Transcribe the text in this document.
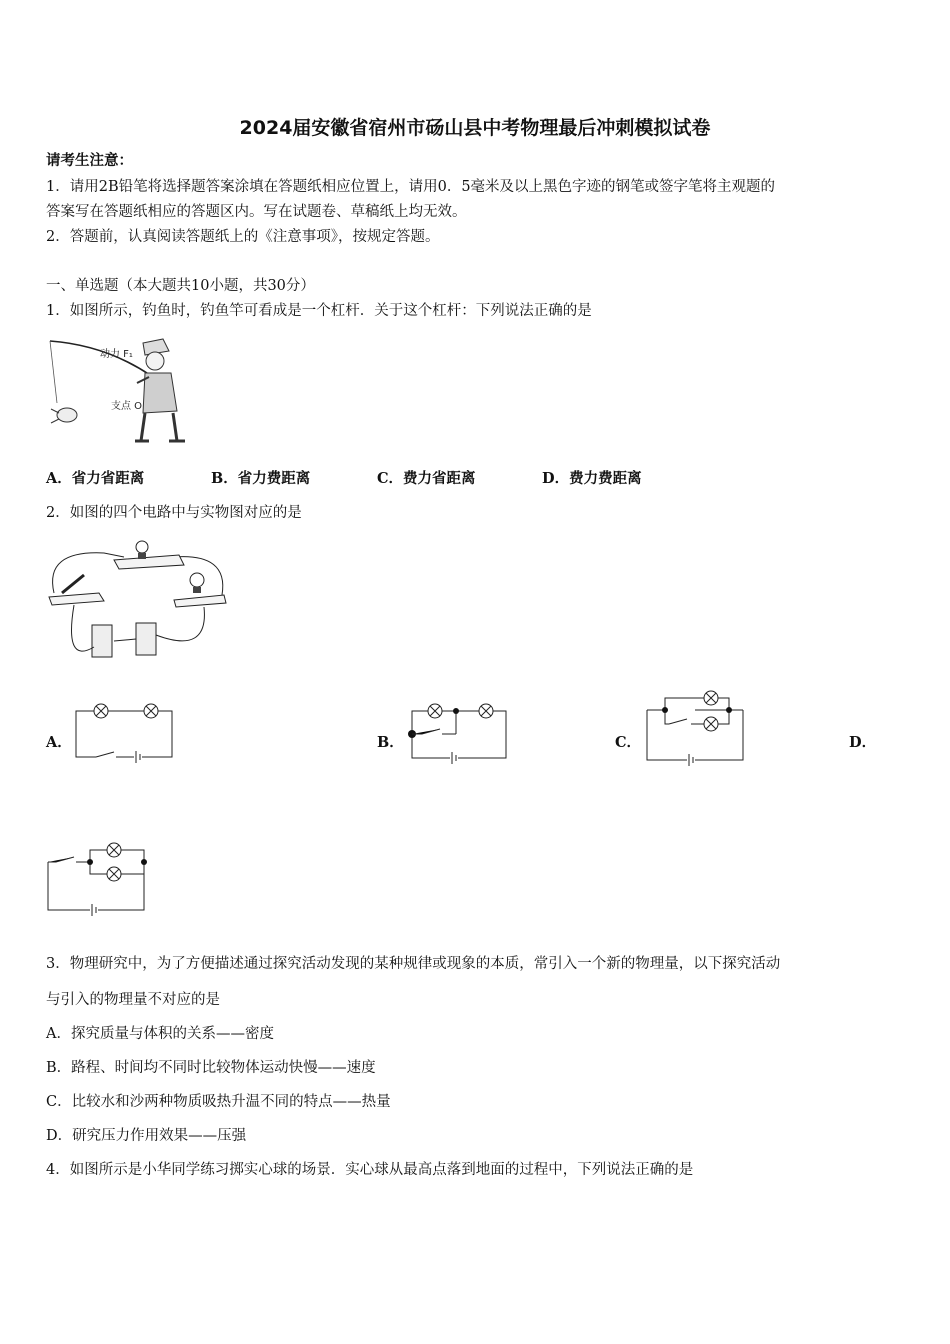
2024届安徽省宿州市砀山县中考物理最后冲刺模拟试卷
请考生注意：
1．请用2B铅笔将选择题答案涂填在答题纸相应位置上，请用0．5毫米及以上黑色字迹的钢笔或签字笔将主观题的
答案写在答题纸相应的答题区内。写在试题卷、草稿纸上均无效。
2．答题前，认真阅读答题纸上的《注意事项》，按规定答题。
一、单选题（本大题共10小题，共30分）
1．如图所示，钓鱼时，钓鱼竿可看成是一个杠杆．关于这个杠杆：下列说法正确的是
动力 F₁
支点 O
A．省力省距离	B．省力费距离	C．费力省距离	D．费力费距离
2．如图的四个电路中与实物图对应的是
A．	B．	C．	D．
3．物理研究中，为了方便描述通过探究活动发现的某种规律或现象的本质，常引入一个新的物理量，以下探究活动
与引入的物理量不对应的是
A．探究质量与体积的关系——密度
B．路程、时间均不同时比较物体运动快慢——速度
C．比较水和沙两种物质吸热升温不同的特点——热量
D．研究压力作用效果——压强
4．如图所示是小华同学练习掷实心球的场景．实心球从最高点落到地面的过程中，下列说法正确的是
